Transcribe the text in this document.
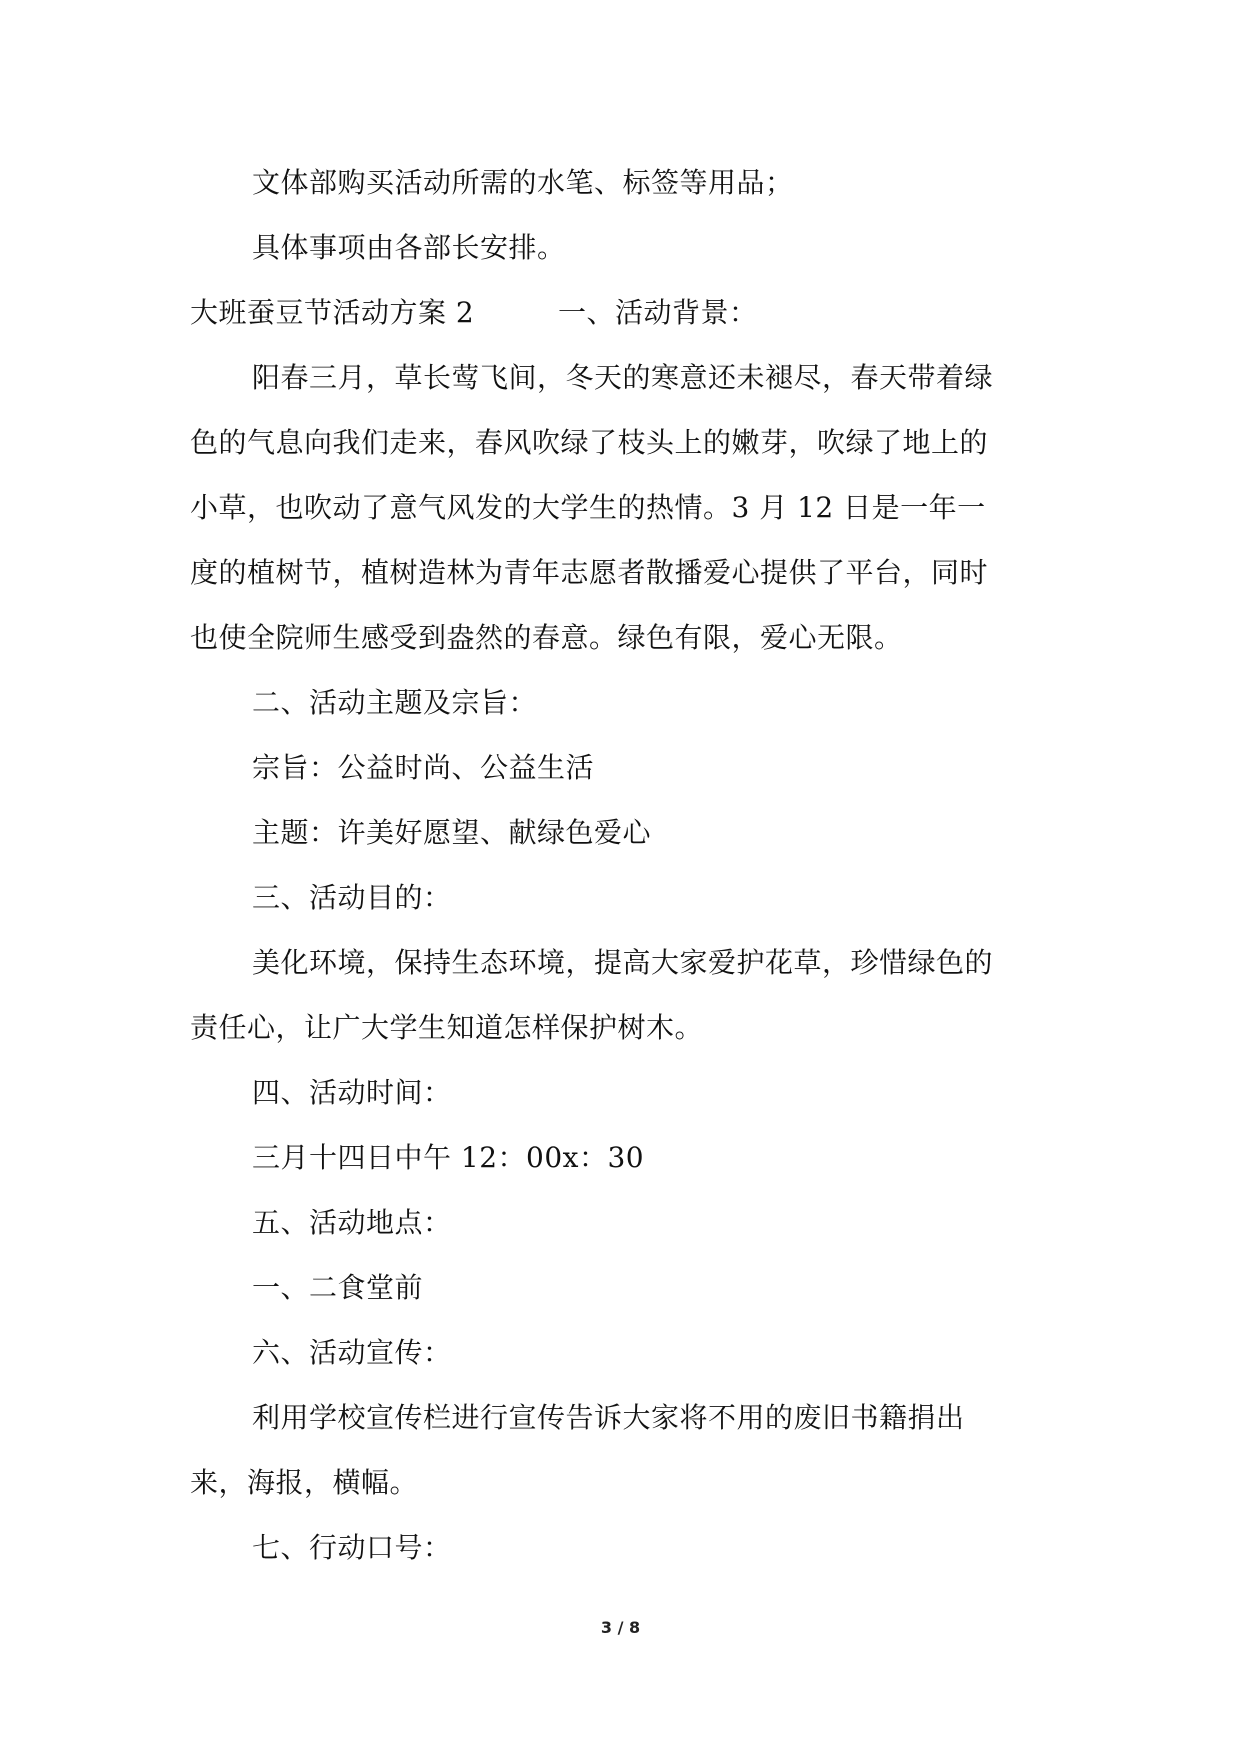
文体部购买活动所需的水笔、标签等用品；
具体事项由各部长安排。
大班蚕豆节活动方案 2	一、活动背景：
阳春三月，草长莺飞间，冬天的寒意还未褪尽，春天带着绿
色的气息向我们走来，春风吹绿了枝头上的嫩芽，吹绿了地上的
小草，也吹动了意气风发的大学生的热情。3 月 12 日是一年一
度的植树节，植树造林为青年志愿者散播爱心提供了平台，同时
也使全院师生感受到盎然的春意。绿色有限，爱心无限。
二、活动主题及宗旨：
宗旨：公益时尚、公益生活
主题：许美好愿望、献绿色爱心
三、活动目的：
美化环境，保持生态环境，提高大家爱护花草，珍惜绿色的
责任心，让广大学生知道怎样保护树木。
四、活动时间：
三月十四日中午 12：00x：30
五、活动地点：
一、二食堂前
六、活动宣传：
利用学校宣传栏进行宣传告诉大家将不用的废旧书籍捐出
来，海报，横幅。
七、行动口号：
3 / 8
